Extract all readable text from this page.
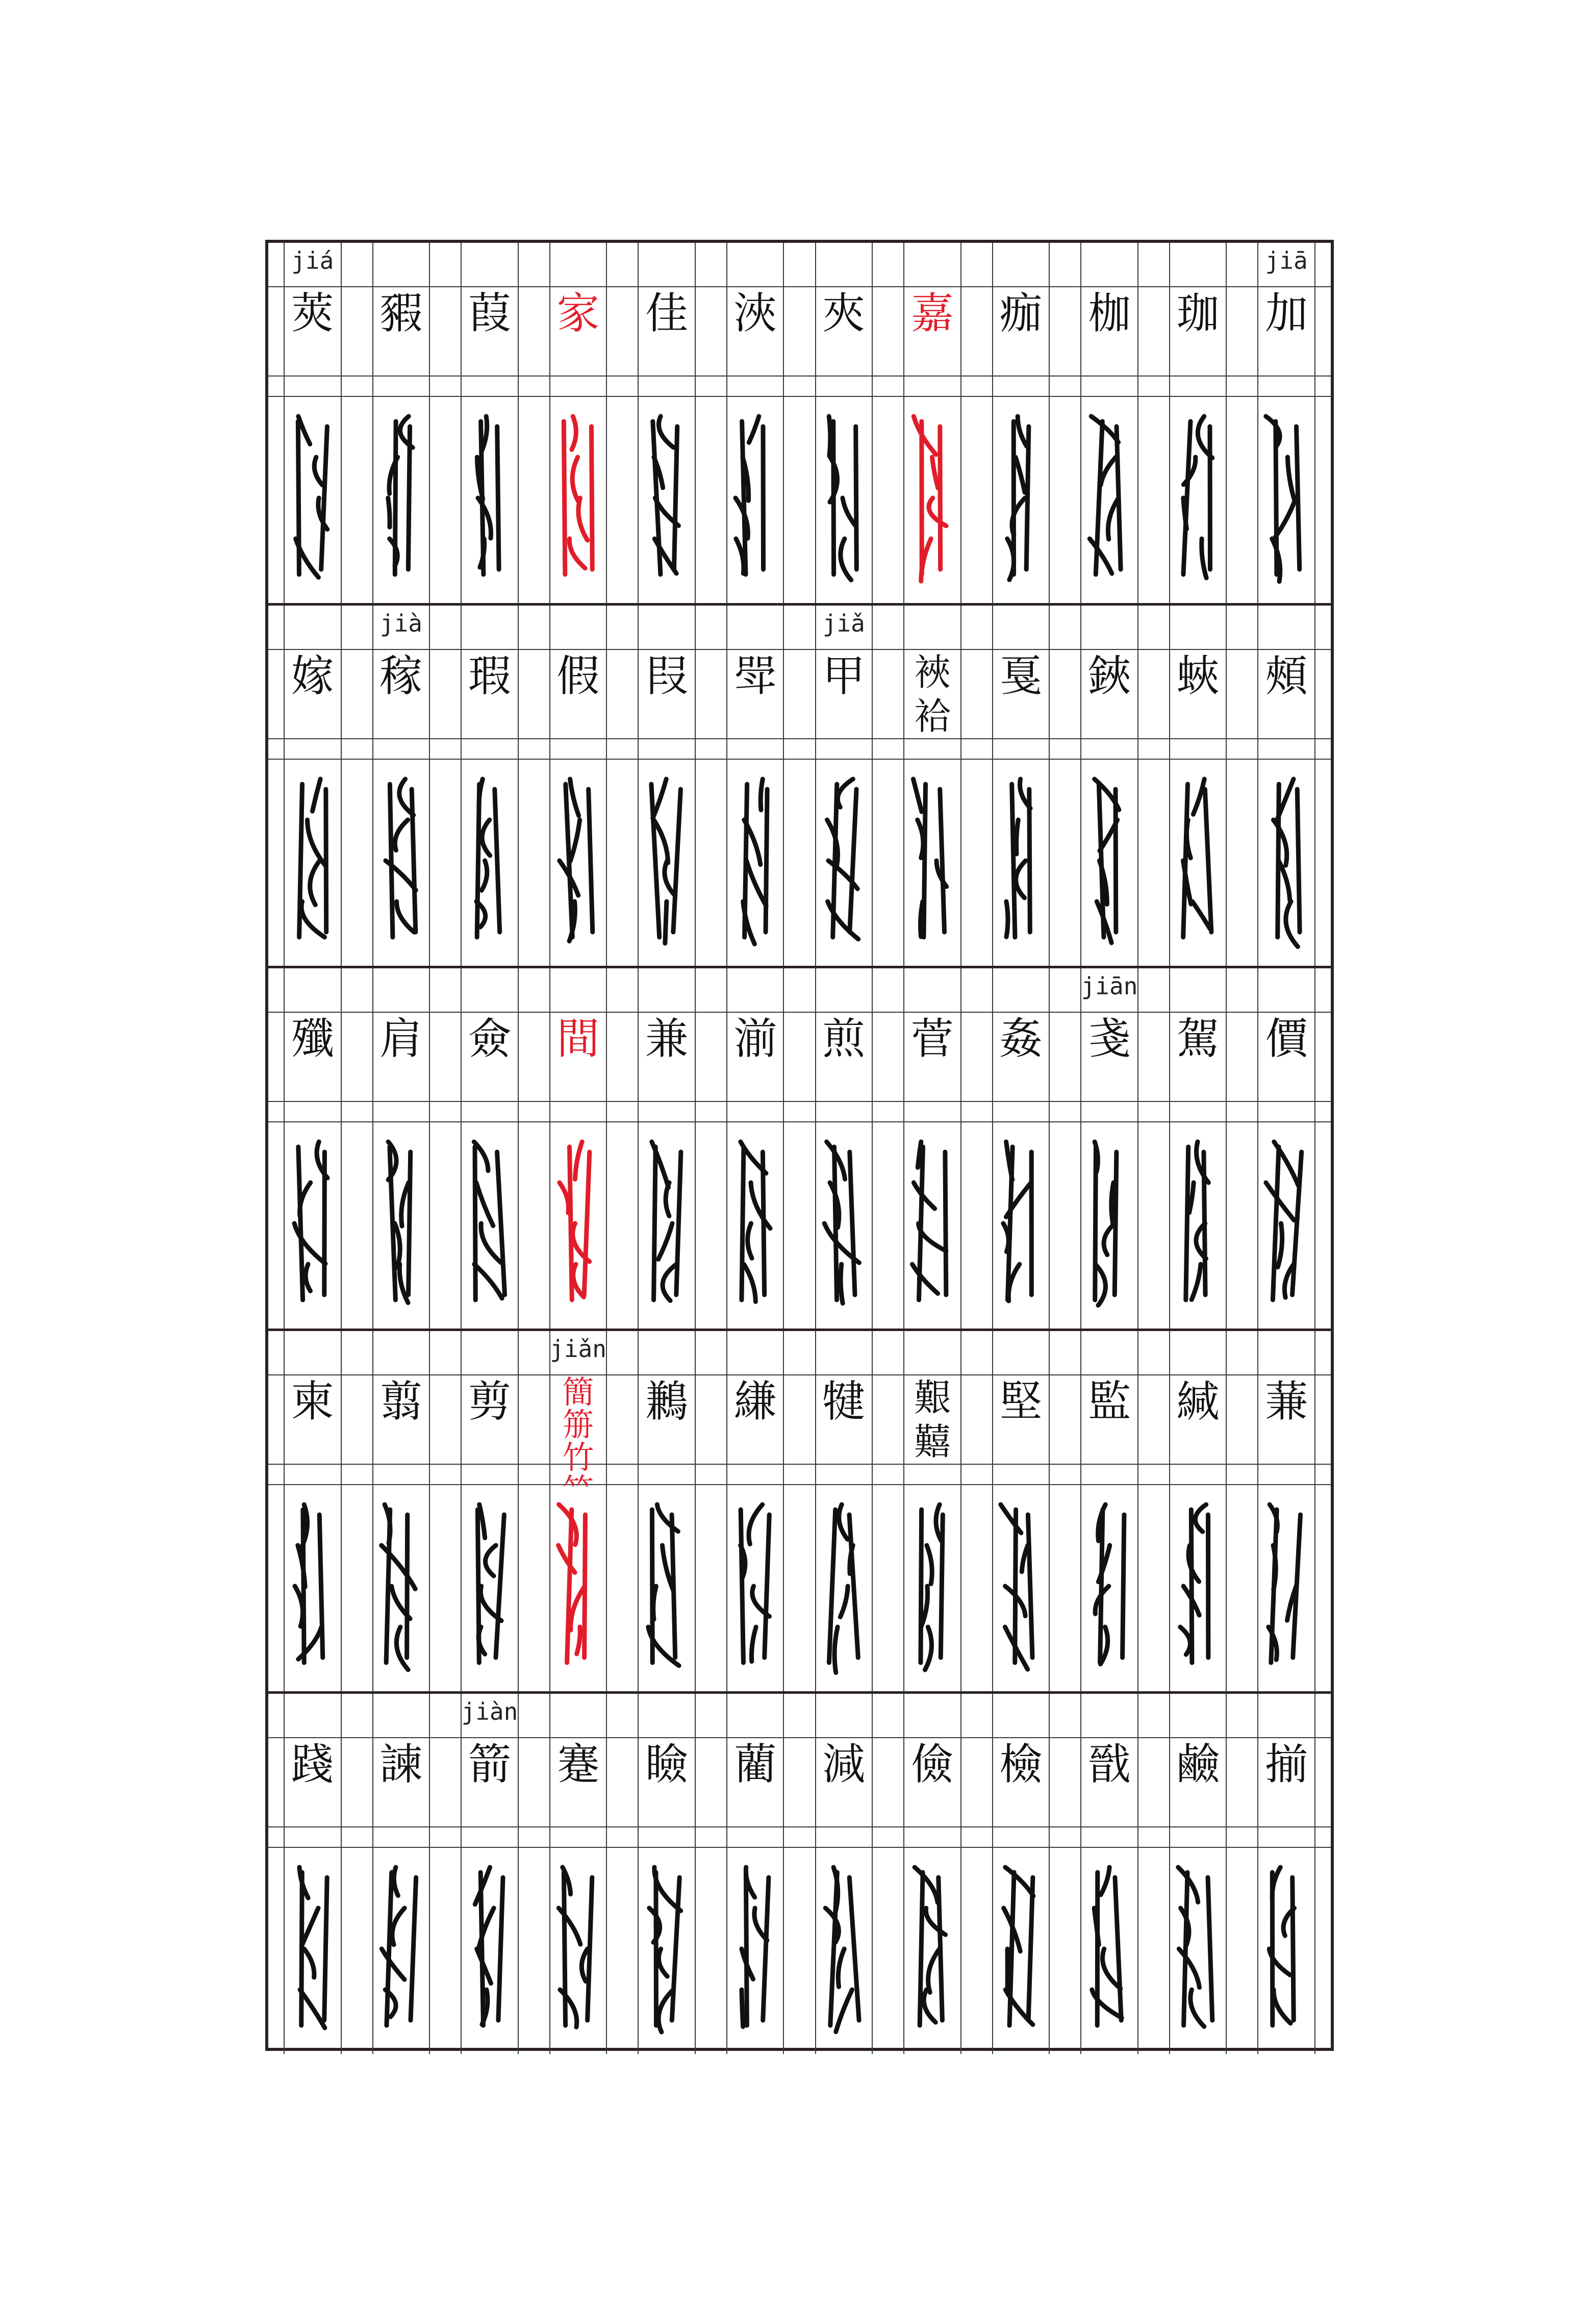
jiā
加
珈
枷
痂
嘉
夾
浹
佳
家
葭
豭
jiá
莢
頰
蛺
鋏
戛
裌
袷
jiǎ
甲
斝
叚
假
瑕
jià
稼
嫁
價
駕
jiān
戔
姦
菅
煎
湔
兼
間
僉
肩
殲
蒹
緘
監
堅
艱
囏
犍
縑
鶼
jiǎn
簡
笧
竹
𥫗
剪
翦
柬
揃
鹼
戩
檢
儉
減
藺
瞼
蹇
jiàn
箭
諫
踐
